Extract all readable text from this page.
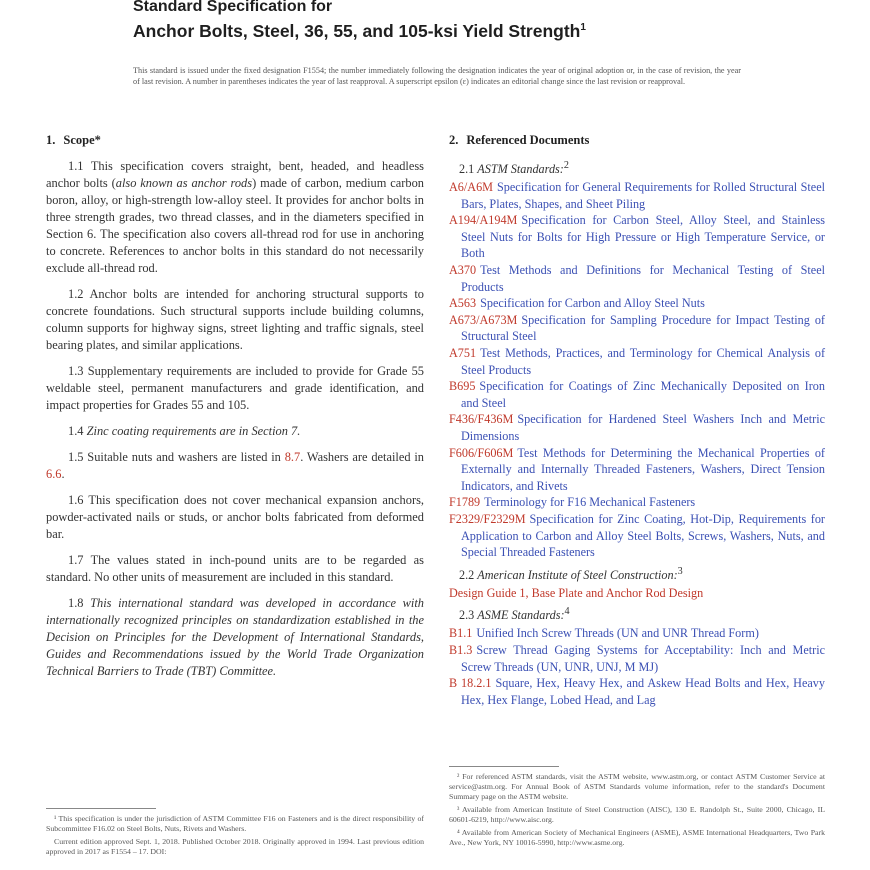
Standard Specification for

Anchor Bolts, Steel, 36, 55, and 105-ksi Yield Strength$^1$

This standard is issued under the fixed designation F1554; the number immediately following the designation indicates the year of original adoption or, in the case of revision, the year of last revision. A number in parentheses indicates the year of last reapproval. A superscript epsilon (ε) indicates an editorial change since the last revision or reapproval.

1. Scope*

1.1 This specification covers straight, bent, headed, and headless anchor bolts (also known as anchor rods) made of carbon, medium carbon boron, alloy, or high-strength low-alloy steel. It provides for anchor bolts in three strength grades, two thread classes, and in the diameters specified in Section 6. The specification also covers all-thread rod for use in anchoring to concrete. References to anchor bolts in this standard do not necessarily exclude all-thread rod.

1.2 Anchor bolts are intended for anchoring structural supports to concrete foundations. Such structural supports include building columns, column supports for highway signs, street lighting and traffic signals, steel bearing plates, and similar applications.

1.3 Supplementary requirements are included to provide for Grade 55 weldable steel, permanent manufacturers and grade identification, and impact properties for Grades 55 and 105.

1.4 Zinc coating requirements are in Section 7.

1.5 Suitable nuts and washers are listed in 8.7. Washers are detailed in 6.6.

1.6 This specification does not cover mechanical expansion anchors, powder-activated nails or studs, or anchor bolts fabricated from deformed bar.

1.7 The values stated in inch-pound units are to be regarded as standard. No other units of measurement are included in this standard.

1.8 This international standard was developed in accordance with internationally recognized principles on standardization established in the Decision on Principles for the Development of International Standards, Guides and Recommendations issued by the World Trade Organization Technical Barriers to Trade (TBT) Committee.

2. Referenced Documents

2.1 ASTM Standards:$^2$

A6/A6M Specification for General Requirements for Rolled Structural Steel Bars, Plates, Shapes, and Sheet Piling

A194/A194M Specification for Carbon Steel, Alloy Steel, and Stainless Steel Nuts for Bolts for High Pressure or High Temperature Service, or Both

A370 Test Methods and Definitions for Mechanical Testing of Steel Products

A563 Specification for Carbon and Alloy Steel Nuts

A673/A673M Specification for Sampling Procedure for Impact Testing of Structural Steel

A751 Test Methods, Practices, and Terminology for Chemical Analysis of Steel Products

B695 Specification for Coatings of Zinc Mechanically Deposited on Iron and Steel

F436/F436M Specification for Hardened Steel Washers Inch and Metric Dimensions

F606/F606M Test Methods for Determining the Mechanical Properties of Externally and Internally Threaded Fasteners, Washers, Direct Tension Indicators, and Rivets

F1789 Terminology for F16 Mechanical Fasteners

F2329/F2329M Specification for Zinc Coating, Hot-Dip, Requirements for Application to Carbon and Alloy Steel Bolts, Screws, Washers, Nuts, and Special Threaded Fasteners

2.2 American Institute of Steel Construction:$^3$

Design Guide 1, Base Plate and Anchor Rod Design

2.3 ASME Standards:$^4$

B1.1 Unified Inch Screw Threads (UN and UNR Thread Form)

B1.3 Screw Thread Gaging Systems for Acceptability: Inch and Metric Screw Threads (UN, UNR, UNJ, M MJ)

B 18.2.1 Square, Hex, Heavy Hex, and Askew Head Bolts and Hex, Heavy Hex, Hex Flange, Lobed Head, and Lag

¹ This specification is under the jurisdiction of ASTM Committee F16 on Fasteners and is the direct responsibility of Subcommittee F16.02 on Steel Bolts, Nuts, Rivets and Washers.

Current edition approved Sept. 1, 2018. Published October 2018. Originally approved in 1994. Last previous edition approved in 2017 as F1554 – 17. DOI:

² For referenced ASTM standards, visit the ASTM website, www.astm.org, or contact ASTM Customer Service at service@astm.org. For Annual Book of ASTM Standards volume information, refer to the standard's Document Summary page on the ASTM website.

³ Available from American Institute of Steel Construction (AISC), 130 E. Randolph St., Suite 2000, Chicago, IL 60601-6219, http://www.aisc.org.

⁴ Available from American Society of Mechanical Engineers (ASME), ASME International Headquarters, Two Park Ave., New York, NY 10016-5990, http://www.asme.org.
